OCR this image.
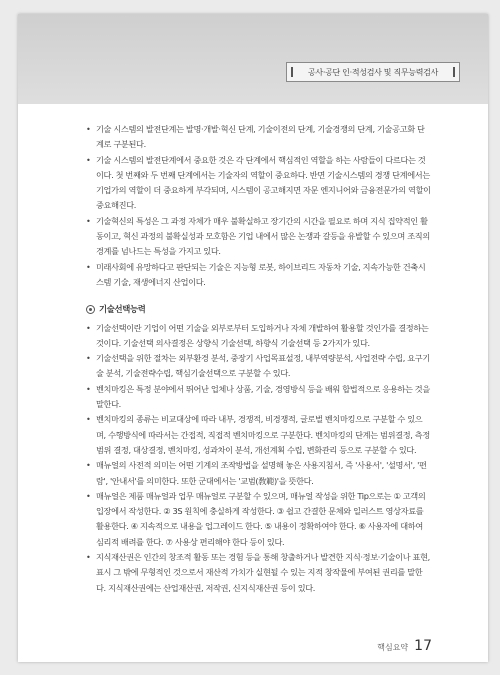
공사·공단 인·적성검사 및 직무능력검사
• 기술 시스템의 발전단계는 발명·개발·혁신 단계, 기술이전의 단계, 기술경쟁의 단계, 기술공고화 단계로 구분된다.
• 기술 시스템의 발전단계에서 중요한 것은 각 단계에서 핵심적인 역할을 하는 사람들이 다르다는 것이다. 첫 번째와 두 번째 단계에서는 기술자의 역할이 중요하다. 반면 기술시스템의 경쟁 단계에서는 기업가의 역할이 더 중요하게 부각되며, 시스템이 공고해지면 자문 엔지니어와 금융전문가의 역할이 중요해진다.
• 기술혁신의 특성은 그 과정 자체가 매우 불확실하고 장기간의 시간을 필요로 하며 지식 집약적인 활동이고, 혁신 과정의 불확실성과 모호함은 기업 내에서 많은 논쟁과 갈등을 유발할 수 있으며 조직의 경계를 넘나드는 특성을 가지고 있다.
• 미래사회에 유망하다고 판단되는 기술은 지능형 로봇, 하이브리드 자동차 기술, 지속가능한 건축시스템 기술, 재생에너지 산업이다.
기술선택능력
• 기술선택이란 기업이 어떤 기술을 외부로부터 도입하거나 자체 개발하여 활용할 것인가를 결정하는 것이다. 기술선택 의사결정은 상향식 기술선택, 하향식 기술선택 등 2가지가 있다.
• 기술선택을 위한 절차는 외부환경 분석, 중장기 사업목표설정, 내부역량분석, 사업전략 수립, 요구기술 분석, 기술전략수립, 핵심기술선택으로 구분할 수 있다.
• 벤치마킹은 특정 분야에서 뛰어난 업체나 상품, 기술, 경영방식 등을 배워 합법적으로 응용하는 것을 말한다.
• 벤치마킹의 종류는 비교대상에 따라 내부, 경쟁적, 비경쟁적, 글로벌 벤치마킹으로 구분할 수 있으며, 수행방식에 따라서는 간접적, 직접적 벤치마킹으로 구분한다. 벤치마킹의 단계는 범위결정, 측정범위 결정, 대상결정, 벤치마킹, 성과차이 분석, 개선계획 수립, 변화관리 등으로 구분할 수 있다.
• 매뉴얼의 사전적 의미는 어떤 기계의 조작방법을 설명해 놓은 사용지침서, 즉 '사용서', '설명서', '편람', '안내서'를 의미한다. 또한 군대에서는 '교범(敎範)'을 뜻한다.
• 매뉴얼은 제품 매뉴얼과 업무 매뉴얼로 구분할 수 있으며, 매뉴얼 작성을 위한 Tip으로는 ① 고객의 입장에서 작성한다. ② 3S 원칙에 충실하게 작성한다. ③ 쉽고 간결한 문체와 일러스트 영상자료를 활용한다. ④ 지속적으로 내용을 업그레이드 한다. ⑤ 내용이 정확하여야 한다. ⑥ 사용자에 대하여 심리적 배려를 한다. ⑦ 사용상 편리해야 한다 등이 있다.
• 지식재산권은 인간의 창조적 활동 또는 경험 등을 통해 창출하거나 발견한 지식·정보·기술이나 표현, 표시 그 밖에 무형적인 것으로서 재산적 가치가 실현될 수 있는 지적 창작물에 부여된 권리를 말한다. 지식재산권에는 산업재산권, 저작권, 신지식재산권 등이 있다.
핵심요약 17
